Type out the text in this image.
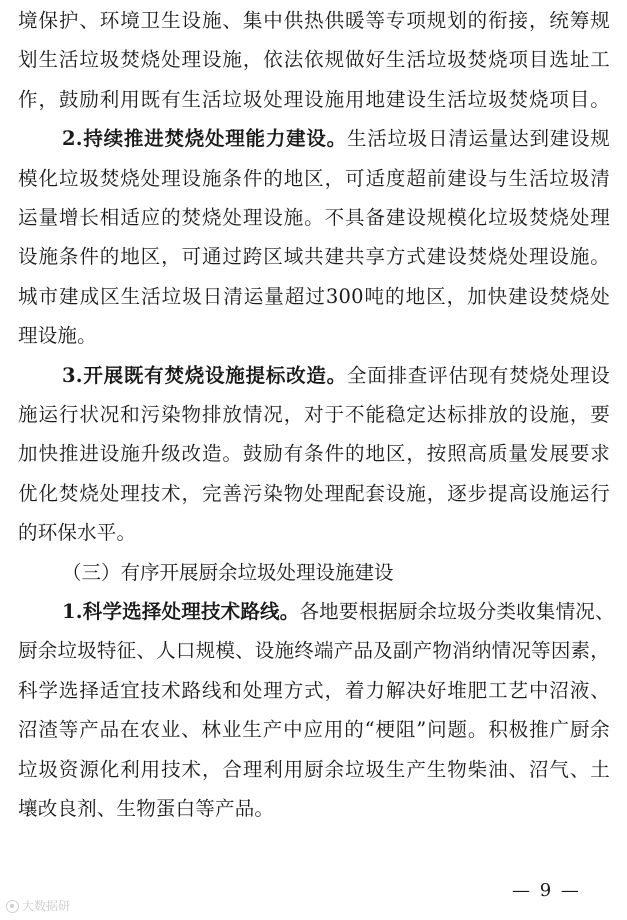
境保护、环境卫生设施、集中供热供暖等专项规划的衔接，统筹规
划生活垃圾焚烧处理设施，依法依规做好生活垃圾焚烧项目选址工
作，鼓励利用既有生活垃圾处理设施用地建设生活垃圾焚烧项目。
2.持续推进焚烧处理能力建设。生活垃圾日清运量达到建设规
模化垃圾焚烧处理设施条件的地区，可适度超前建设与生活垃圾清
运量增长相适应的焚烧处理设施。不具备建设规模化垃圾焚烧处理
设施条件的地区，可通过跨区域共建共享方式建设焚烧处理设施。
城市建成区生活垃圾日清运量超过300吨的地区，加快建设焚烧处
理设施。
3.开展既有焚烧设施提标改造。全面排查评估现有焚烧处理设
施运行状况和污染物排放情况，对于不能稳定达标排放的设施，要
加快推进设施升级改造。鼓励有条件的地区，按照高质量发展要求
优化焚烧处理技术，完善污染物处理配套设施，逐步提高设施运行
的环保水平。
（三）有序开展厨余垃圾处理设施建设
1.科学选择处理技术路线。各地要根据厨余垃圾分类收集情况、
厨余垃圾特征、人口规模、设施终端产品及副产物消纳情况等因素，
科学选择适宜技术路线和处理方式，着力解决好堆肥工艺中沼液、
沼渣等产品在农业、林业生产中应用的“梗阻”问题。积极推广厨余
垃圾资源化利用技术，合理利用厨余垃圾生产生物柴油、沼气、土
壤改良剂、生物蛋白等产品。
— 9 —
大数据研
